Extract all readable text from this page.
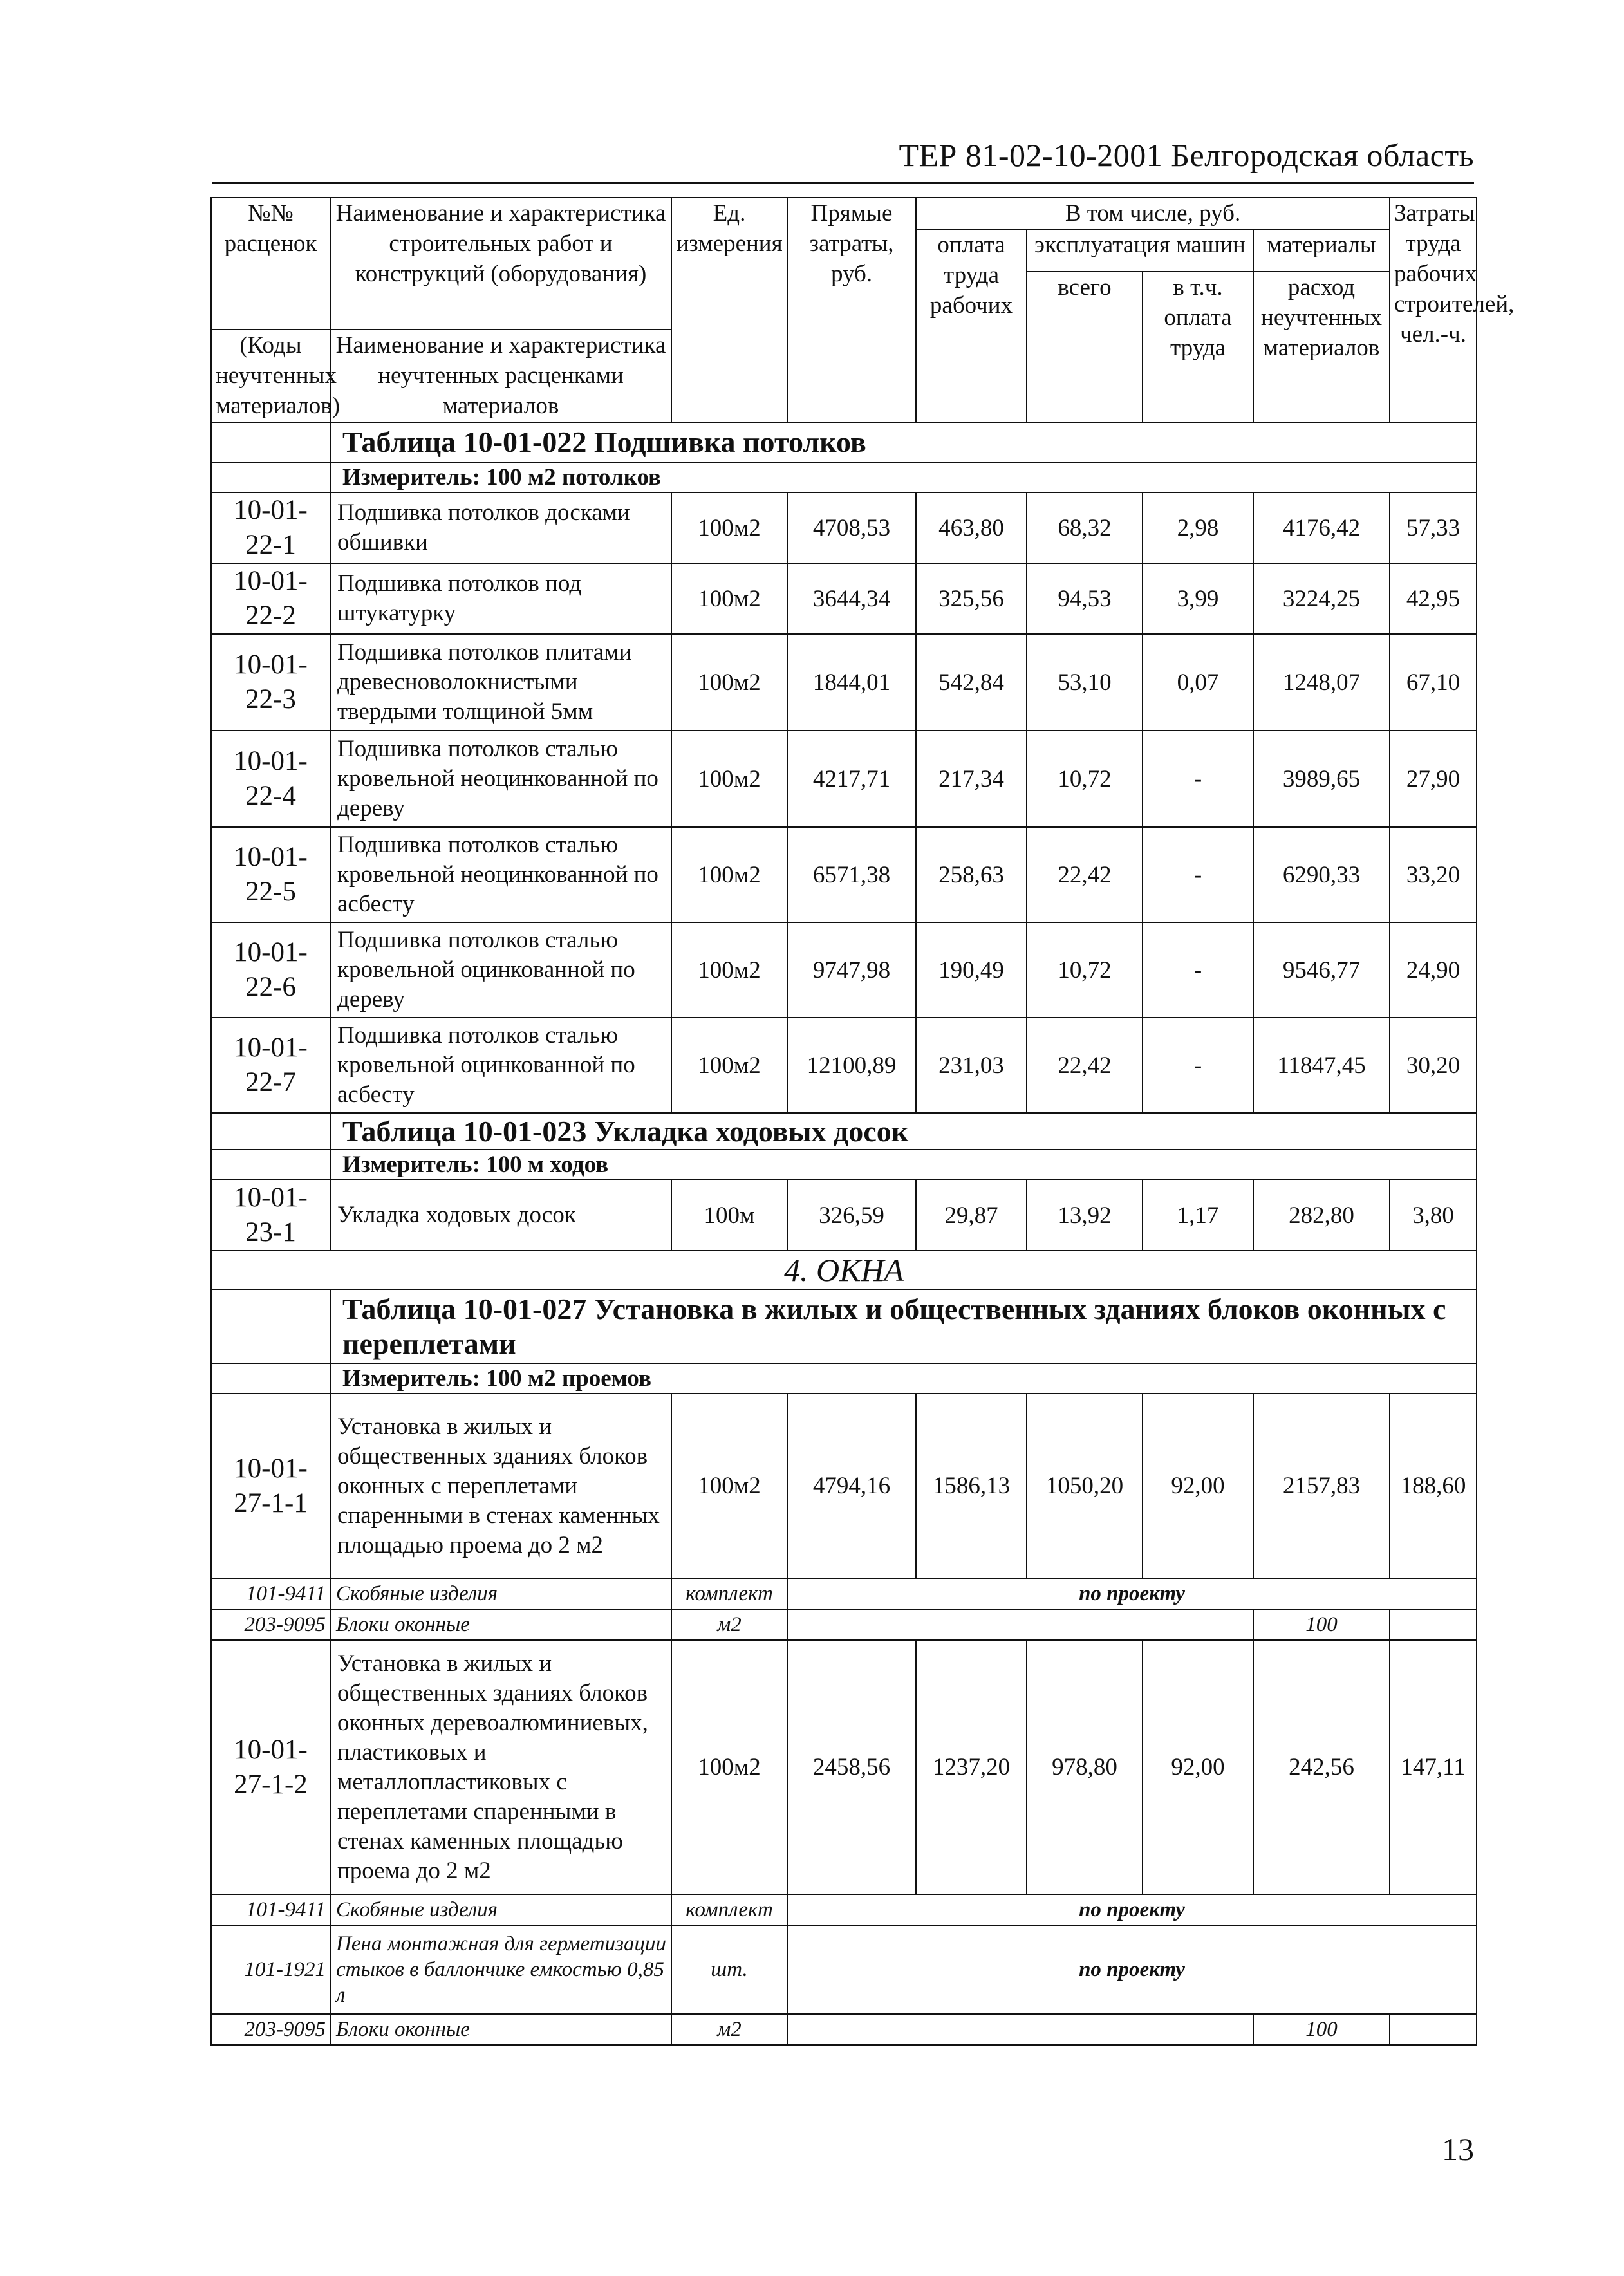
ТЕР 81-02-10-2001 Белгородская область
№№ расценок	Наименование и характеристика строительных работ и конструкций (оборудования)	Ед. измерения	Прямые затраты, руб.	В том числе, руб.				Затраты труда рабочих строителей, чел.-ч.
				оплата труда рабочих	эксплуатация машин		материалы	
					всего	в т.ч. оплата труда	расход неучтенных материалов	
(Коды неучтенных материалов)	Наименование и характеристика неучтенных расценками материалов							

	Таблица 10-01-022 Подшивка потолков							
	Измеритель: 100 м2 потолков							
10-01-22-1	Подшивка потолков досками обшивки	100м2	4708,53	463,80	68,32	2,98	4176,42	57,33
10-01-22-2	Подшивка потолков под штукатурку	100м2	3644,34	325,56	94,53	3,99	3224,25	42,95
10-01-22-3	Подшивка потолков плитами древесноволокнистыми твердыми толщиной 5мм	100м2	1844,01	542,84	53,10	0,07	1248,07	67,10
10-01-22-4	Подшивка потолков сталью кровельной неоцинкованной по дереву	100м2	4217,71	217,34	10,72	-	3989,65	27,90
10-01-22-5	Подшивка потолков сталью кровельной неоцинкованной по асбесту	100м2	6571,38	258,63	22,42	-	6290,33	33,20
10-01-22-6	Подшивка потолков сталью кровельной оцинкованной по дереву	100м2	9747,98	190,49	10,72	-	9546,77	24,90
10-01-22-7	Подшивка потолков сталью кровельной оцинкованной по асбесту	100м2	12100,89	231,03	22,42	-	11847,45	30,20
	Таблица 10-01-023 Укладка ходовых досок							
	Измеритель: 100 м ходов							
10-01-23-1	Укладка ходовых досок	100м	326,59	29,87	13,92	1,17	282,80	3,80
4. ОКНА								
	Таблица 10-01-027 Установка в жилых и общественных зданиях блоков оконных с переплетами							
	Измеритель: 100 м2 проемов							
10-01-27-1-1	Установка в жилых и общественных зданиях блоков оконных с переплетами спаренными в стенах каменных площадью проема до 2 м2	100м2	4794,16	1586,13	1050,20	92,00	2157,83	188,60
101-9411	Скобяные изделия	комплект	по проекту					
203-9095	Блоки оконные	м2					100	
10-01-27-1-2	Установка в жилых и общественных зданиях блоков оконных деревоалюминиевых, пластиковых и металлопластиковых с переплетами спаренными в стенах каменных площадью проема до 2 м2	100м2	2458,56	1237,20	978,80	92,00	242,56	147,11
101-9411	Скобяные изделия	комплект	по проекту					
101-1921	Пена монтажная для герметизации стыков в баллончике емкостью 0,85 л	шт.	по проекту					
203-9095	Блоки оконные	м2					100	
13
